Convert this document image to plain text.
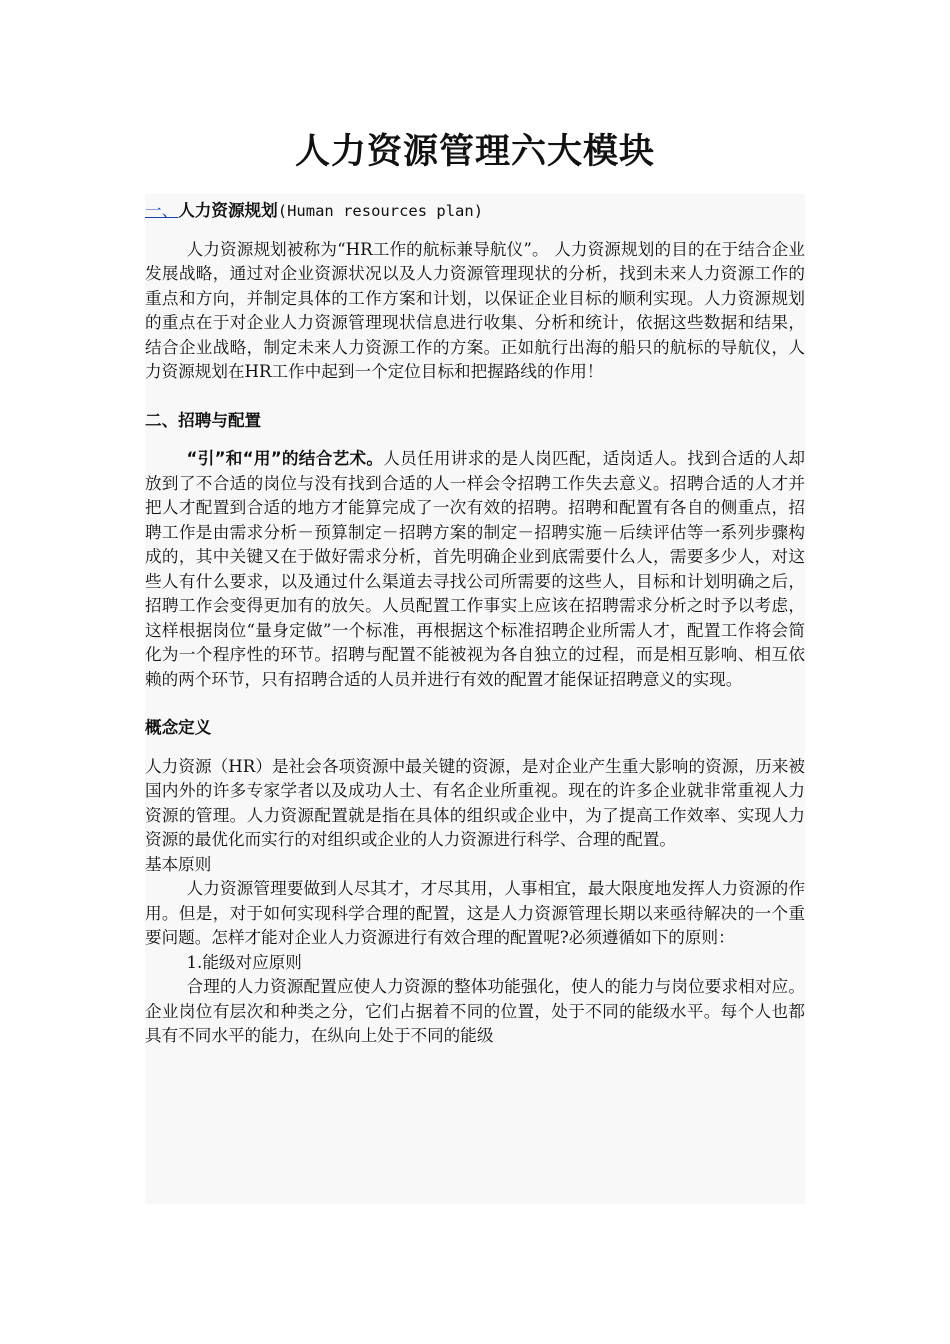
人力资源管理六大模块

一、人力资源规划(Human resources plan)

人力资源规划被称为“HR工作的航标兼导航仪”。 人力资源规划的目的在于结合企业发展战略，通过对企业资源状况以及人力资源管理现状的分析，找到未来人力资源工作的重点和方向，并制定具体的工作方案和计划，以保证企业目标的顺利实现。人力资源规划的重点在于对企业人力资源管理现状信息进行收集、分析和统计，依据这些数据和结果，结合企业战略，制定未来人力资源工作的方案。正如航行出海的船只的航标的导航仪，人力资源规划在HR工作中起到一个定位目标和把握路线的作用！

二、招聘与配置

“引”和“用”的结合艺术。人员任用讲求的是人岗匹配，适岗适人。找到合适的人却放到了不合适的岗位与没有找到合适的人一样会令招聘工作失去意义。招聘合适的人才并把人才配置到合适的地方才能算完成了一次有效的招聘。招聘和配置有各自的侧重点，招聘工作是由需求分析－预算制定－招聘方案的制定－招聘实施－后续评估等一系列步骤构成的，其中关键又在于做好需求分析，首先明确企业到底需要什么人，需要多少人，对这些人有什么要求，以及通过什么渠道去寻找公司所需要的这些人，目标和计划明确之后，招聘工作会变得更加有的放矢。人员配置工作事实上应该在招聘需求分析之时予以考虑，这样根据岗位“量身定做”一个标准，再根据这个标准招聘企业所需人才，配置工作将会简化为一个程序性的环节。招聘与配置不能被视为各自独立的过程，而是相互影响、相互依赖的两个环节，只有招聘合适的人员并进行有效的配置才能保证招聘意义的实现。

概念定义

人力资源（HR）是社会各项资源中最关键的资源，是对企业产生重大影响的资源，历来被国内外的许多专家学者以及成功人士、有名企业所重视。现在的许多企业就非常重视人力资源的管理。人力资源配置就是指在具体的组织或企业中，为了提高工作效率、实现人力资源的最优化而实行的对组织或企业的人力资源进行科学、合理的配置。

基本原则

人力资源管理要做到人尽其才，才尽其用，人事相宜，最大限度地发挥人力资源的作用。但是，对于如何实现科学合理的配置，这是人力资源管理长期以来亟待解决的一个重要问题。怎样才能对企业人力资源进行有效合理的配置呢?必须遵循如下的原则：

1.能级对应原则

合理的人力资源配置应使人力资源的整体功能强化，使人的能力与岗位要求相对应。企业岗位有层次和种类之分，它们占据着不同的位置，处于不同的能级水平。每个人也都具有不同水平的能力，在纵向上处于不同的能级
